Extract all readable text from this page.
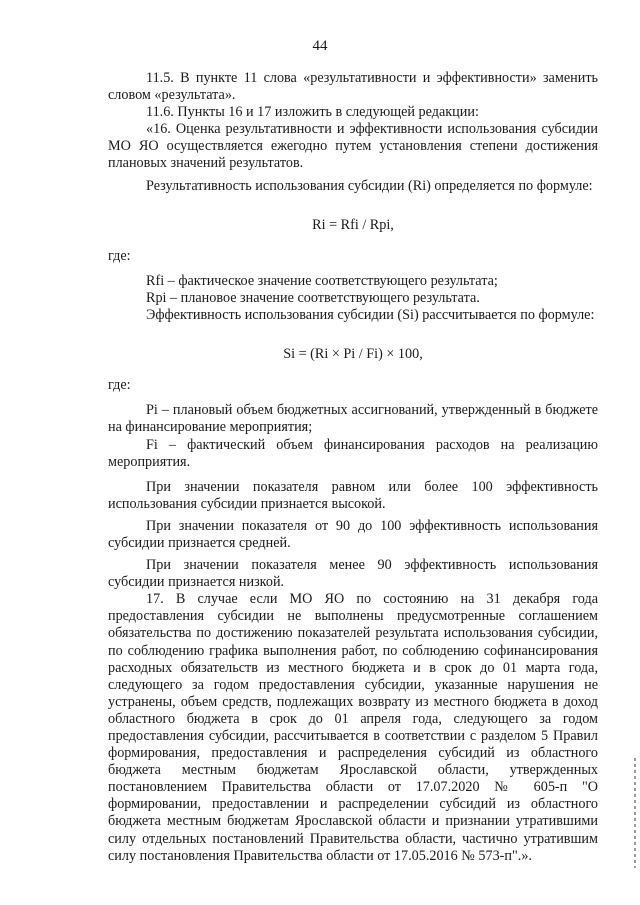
44

11.5. В пункте 11 слова «результативности и эффективности» заменить словом «результата».

11.6. Пункты 16 и 17 изложить в следующей редакции:

«16. Оценка результативности и эффективности использования субсидии МО ЯО осуществляется ежегодно путем установления степени достижения плановых значений результатов.

Результативность использования субсидии (Ri) определяется по формуле:

Ri = Rfi / Rpi,

где:

Rfi – фактическое значение соответствующего результата;

Rpi – плановое значение соответствующего результата.

Эффективность использования субсидии (Si) рассчитывается по формуле:

Si = (Ri × Pi / Fi) × 100,

где:

Pi – плановый объем бюджетных ассигнований, утвержденный в бюджете на финансирование мероприятия;

Fi – фактический объем финансирования расходов на реализацию мероприятия.

При значении показателя равном или более 100 эффективность использования субсидии признается высокой.

При значении показателя от 90 до 100 эффективность использования субсидии признается средней.

При значении показателя менее 90 эффективность использования субсидии признается низкой.

17. В случае если МО ЯО по состоянию на 31 декабря года предоставления субсидии не выполнены предусмотренные соглашением обязательства по достижению показателей результата использования субсидии, по соблюдению графика выполнения работ, по соблюдению софинансирования расходных обязательств из местного бюджета и в срок до 01 марта года, следующего за годом предоставления субсидии, указанные нарушения не устранены, объем средств, подлежащих возврату из местного бюджета в доход областного бюджета в срок до 01 апреля года, следующего за годом предоставления субсидии, рассчитывается в соответствии с разделом 5 Правил формирования, предоставления и распределения субсидий из областного бюджета местным бюджетам Ярославской области, утвержденных постановлением Правительства области от 17.07.2020 № 605-п "О формировании, предоставлении и распределении субсидий из областного бюджета местным бюджетам Ярославской области и признании утратившими силу отдельных постановлений Правительства области, частично утратившим силу постановления Правительства области от 17.05.2016 № 573-п".».
